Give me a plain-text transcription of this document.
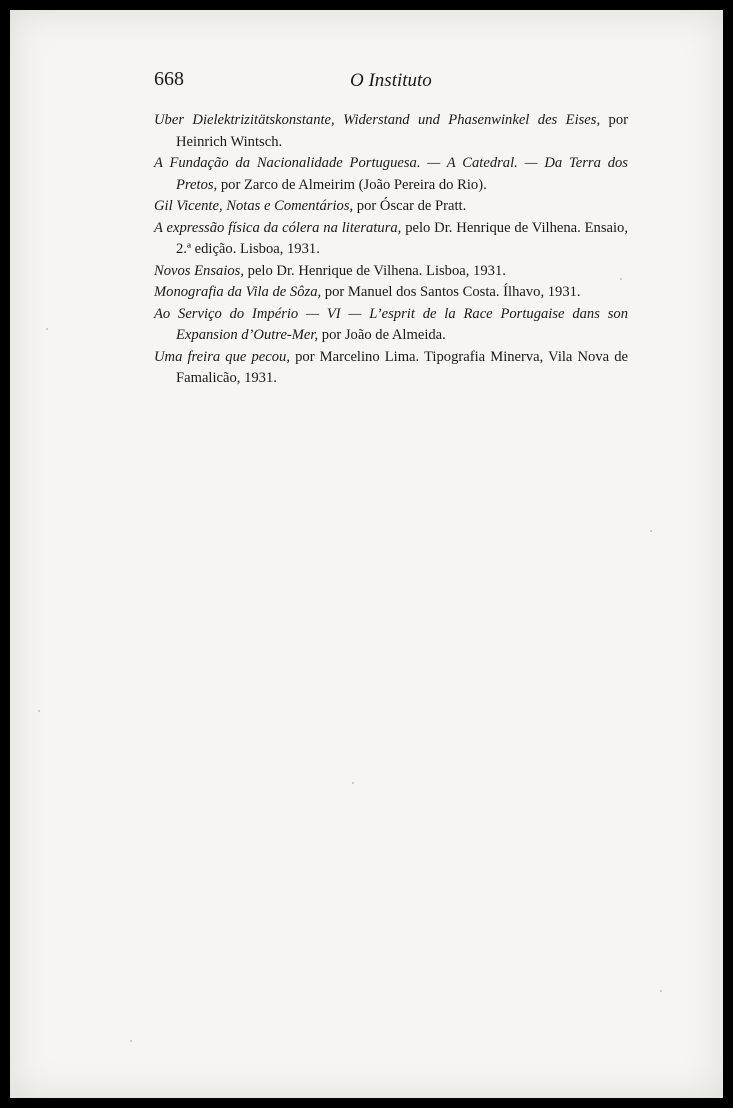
668	O Instituto
Uber Dielektrizitätskonstante, Widerstand und Phasenwinkel des Eises, por Heinrich Wintsch.
A Fundação da Nacionalidade Portuguesa. — A Catedral. — Da Terra dos Pretos, por Zarco de Almeirim (João Pereira do Rio).
Gil Vicente, Notas e Comentários, por Óscar de Pratt.
A expressão física da cólera na literatura, pelo Dr. Henrique de Vilhena. Ensaio, 2.ª edição. Lisboa, 1931.
Novos Ensaios, pelo Dr. Henrique de Vilhena. Lisboa, 1931.
Monografia da Vila de Sôza, por Manuel dos Santos Costa. Ílhavo, 1931.
Ao Serviço do Império — VI — L’esprit de la Race Portugaise dans son Expansion d’Outre-Mer, por João de Almeida.
Uma freira que pecou, por Marcelino Lima. Tipografia Minerva, Vila Nova de Famalicão, 1931.
